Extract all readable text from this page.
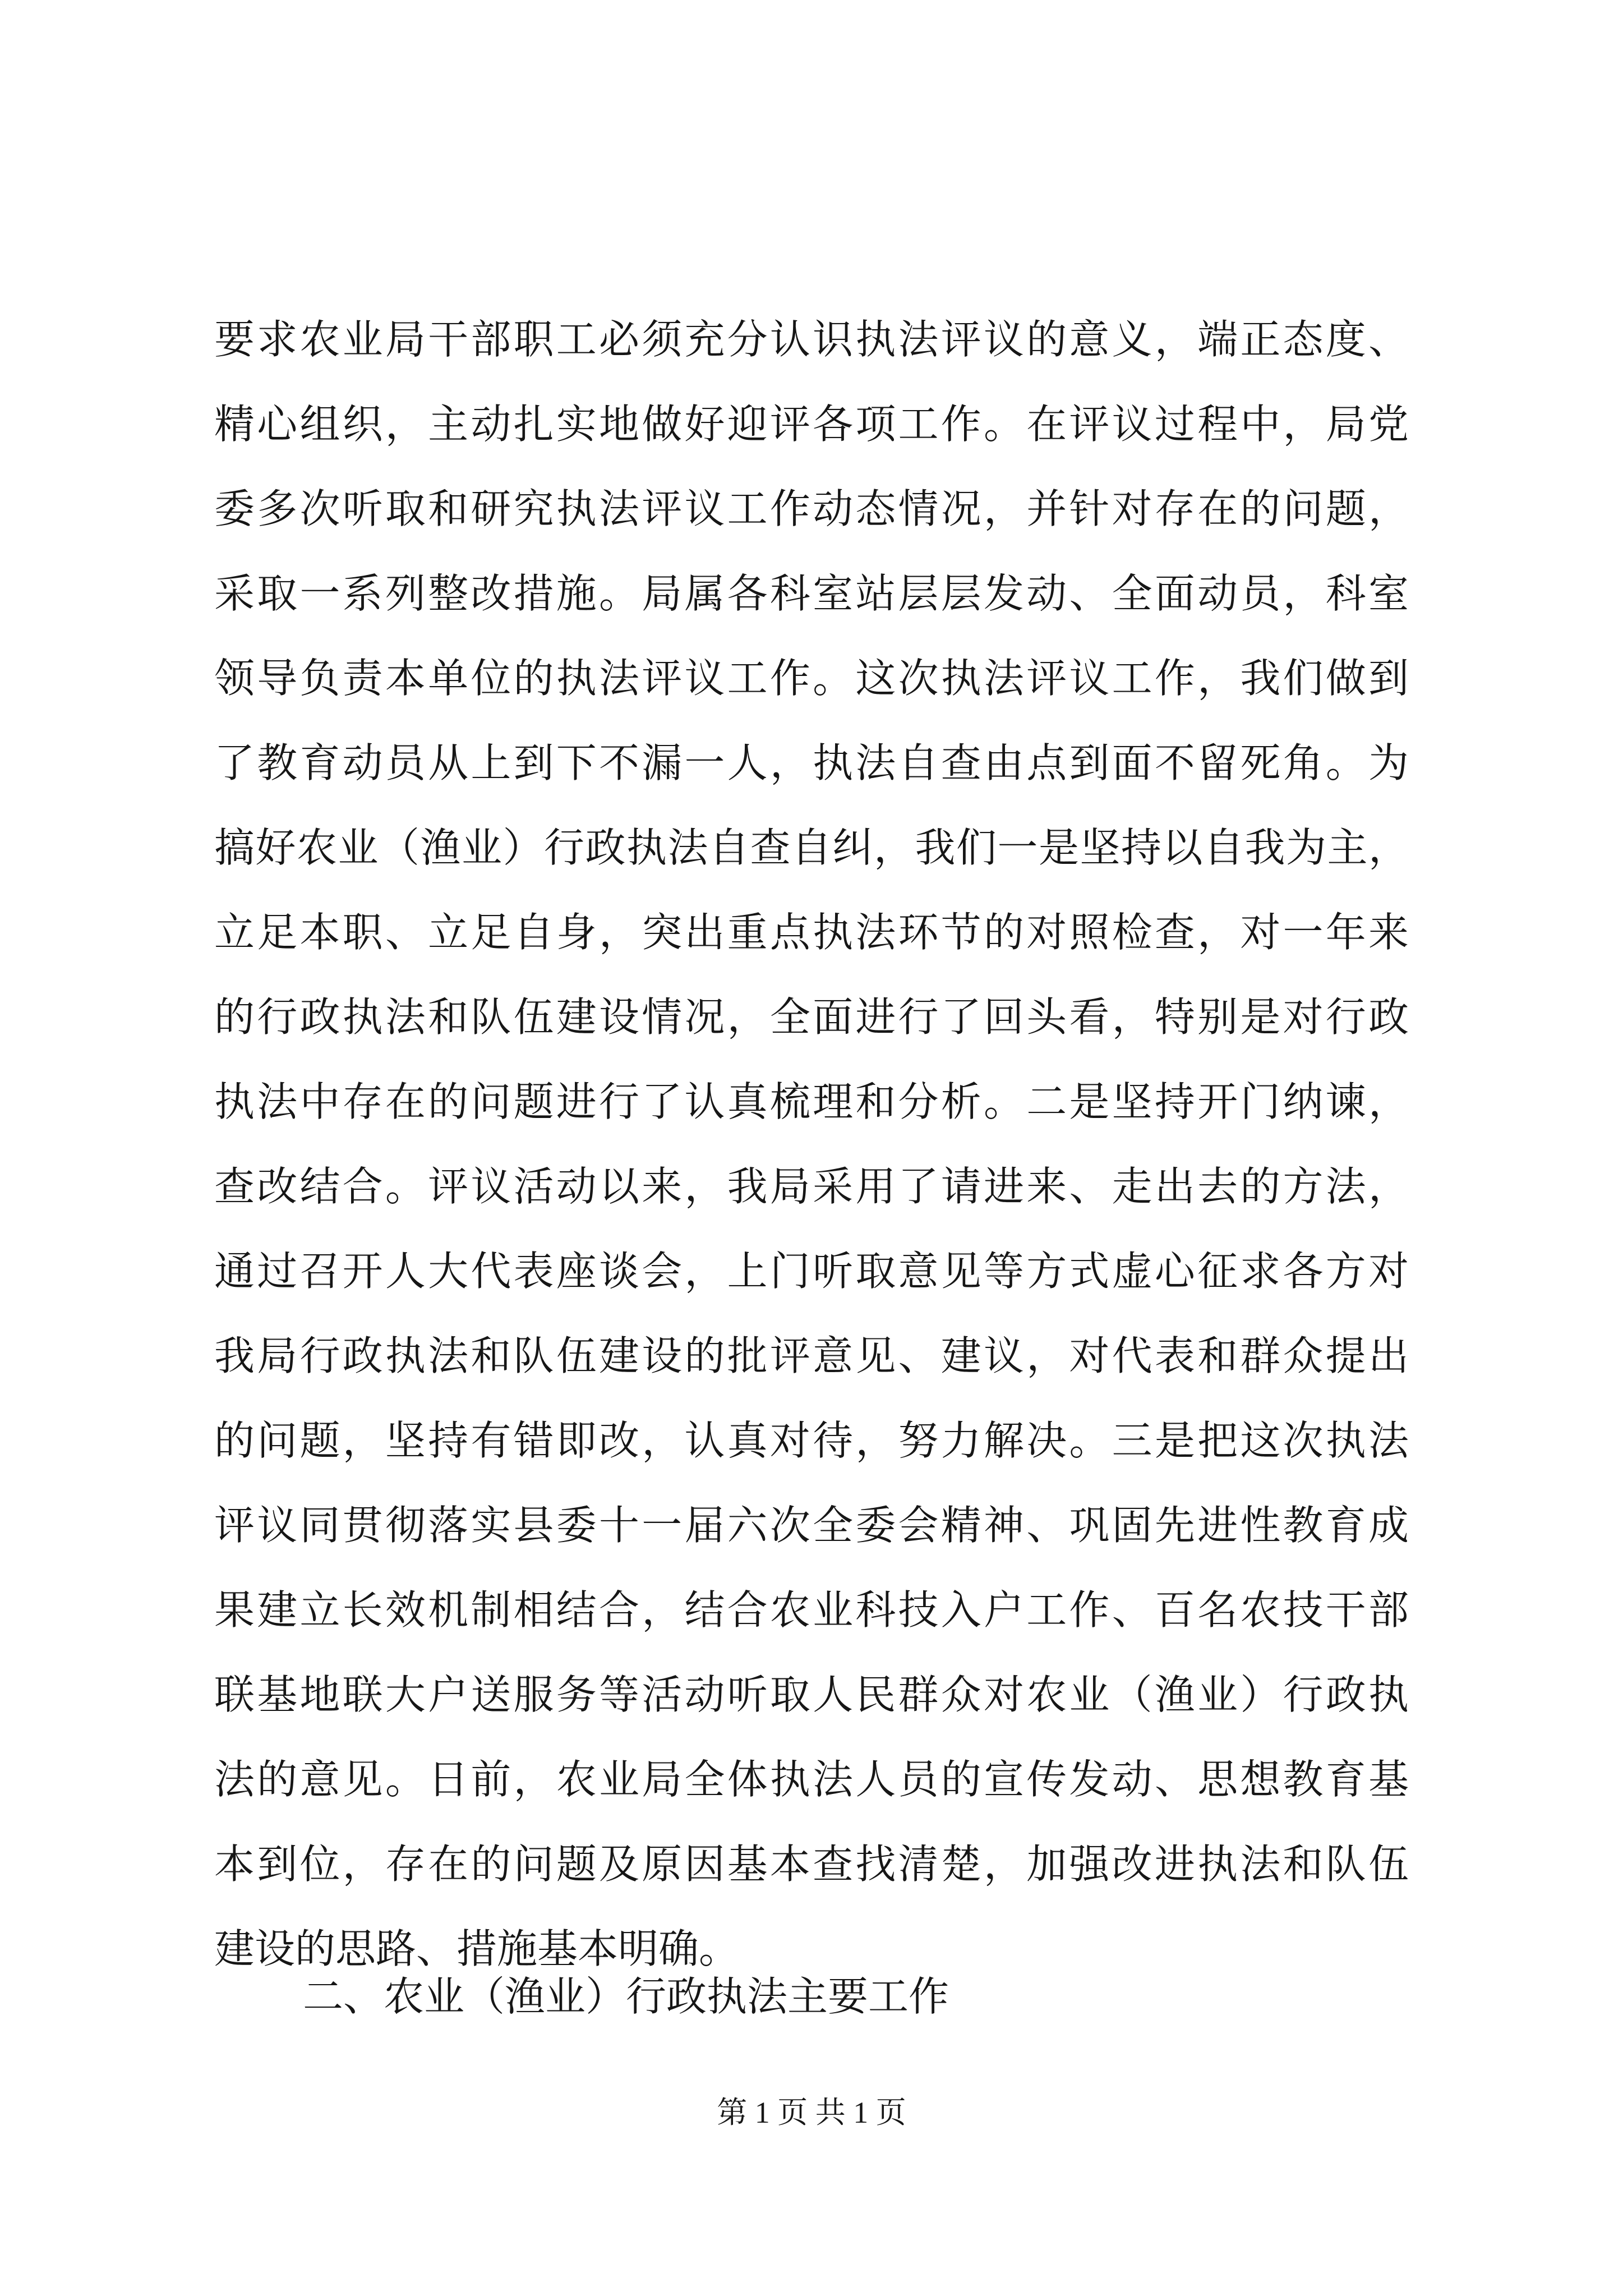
要求农业局干部职工必须充分认识执法评议的意义，端正态度、
精心组织，主动扎实地做好迎评各项工作。在评议过程中，局党
委多次听取和研究执法评议工作动态情况，并针对存在的问题，
采取一系列整改措施。局属各科室站层层发动、全面动员，科室
领导负责本单位的执法评议工作。这次执法评议工作，我们做到
了教育动员从上到下不漏一人，执法自查由点到面不留死角。为
搞好农业（渔业）行政执法自查自纠，我们一是坚持以自我为主，
立足本职、立足自身，突出重点执法环节的对照检查，对一年来
的行政执法和队伍建设情况，全面进行了回头看，特别是对行政
执法中存在的问题进行了认真梳理和分析。二是坚持开门纳谏，
查改结合。评议活动以来，我局采用了请进来、走出去的方法，
通过召开人大代表座谈会，上门听取意见等方式虚心征求各方对
我局行政执法和队伍建设的批评意见、建议，对代表和群众提出
的问题，坚持有错即改，认真对待，努力解决。三是把这次执法
评议同贯彻落实县委十一届六次全委会精神、巩固先进性教育成
果建立长效机制相结合，结合农业科技入户工作、百名农技干部
联基地联大户送服务等活动听取人民群众对农业（渔业）行政执
法的意见。日前，农业局全体执法人员的宣传发动、思想教育基
本到位，存在的问题及原因基本查找清楚，加强改进执法和队伍
建设的思路、措施基本明确。
二、农业（渔业）行政执法主要工作
第 1 页 共 1 页
